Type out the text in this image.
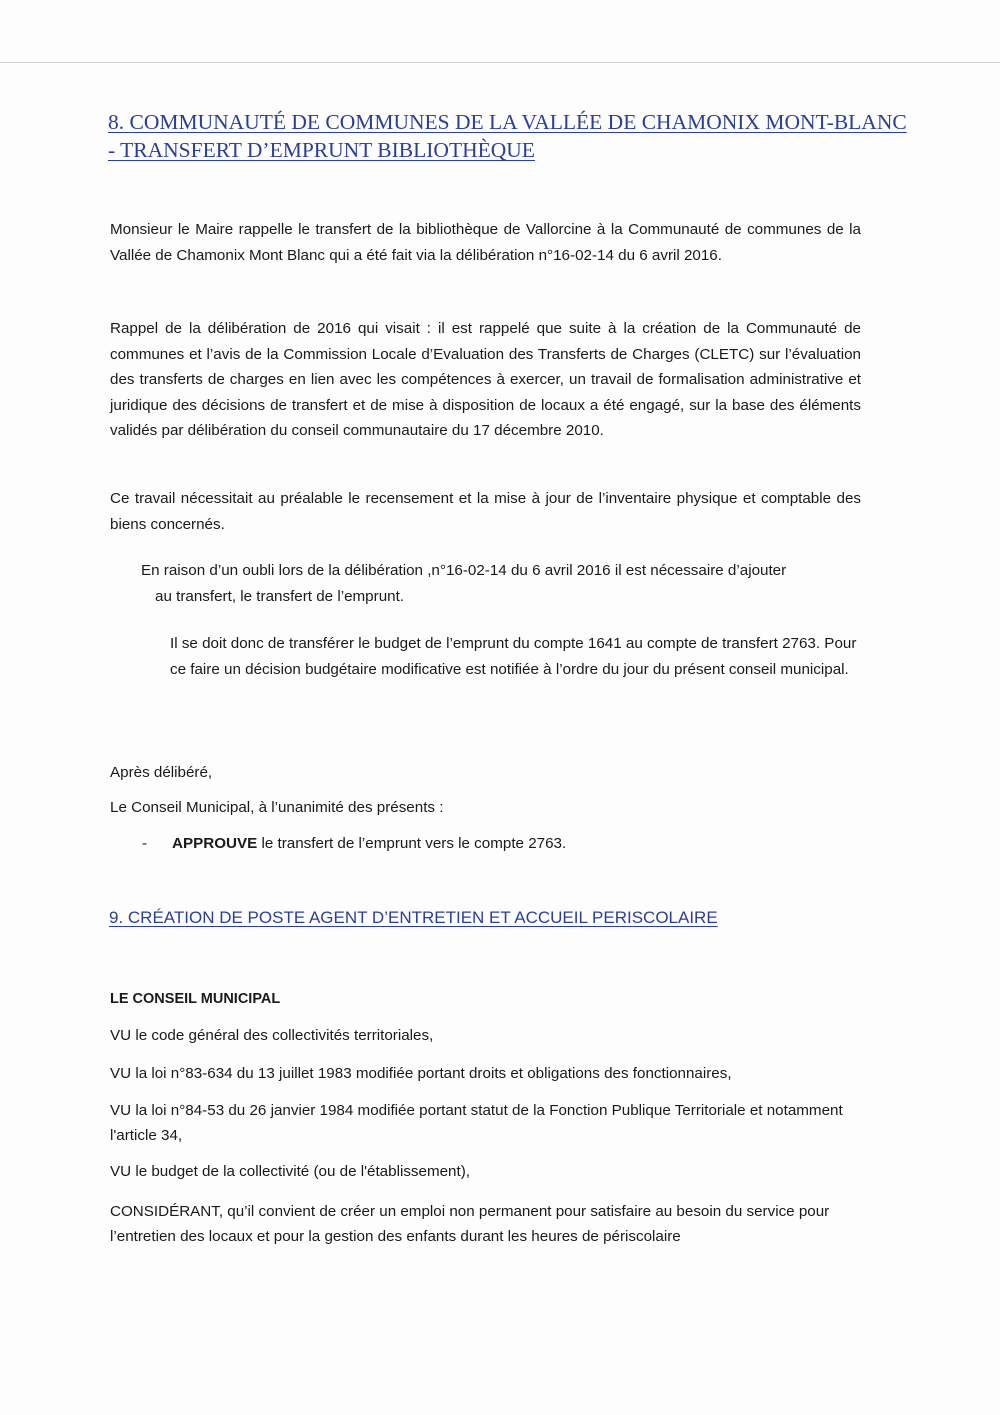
8. COMMUNAUTÉ DE COMMUNES DE LA VALLÉE DE CHAMONIX MONT-BLANC
- TRANSFERT D’EMPRUNT BIBLIOTHÈQUE

Monsieur le Maire rappelle le transfert de la bibliothèque de Vallorcine à la Communauté de communes de la Vallée de Chamonix Mont Blanc qui a été fait via la délibération n°16-02-14 du 6 avril 2016.

Rappel de la délibération de 2016 qui visait : il est rappelé que suite à la création de la Communauté de communes et l’avis de la Commission Locale d’Evaluation des Transferts de Charges (CLETC) sur l’évaluation des transferts de charges en lien avec les compétences à exercer, un travail de formalisation administrative et juridique des décisions de transfert et de mise à disposition de locaux a été engagé, sur la base des éléments validés par délibération du conseil communautaire du 17 décembre 2010.

Ce travail nécessitait au préalable le recensement et la mise à jour de l’inventaire physique et comptable des biens concernés.

En raison d’un oubli lors de la délibération ,n°16-02-14 du 6 avril 2016 il est nécessaire d’ajouter
au transfert, le transfert de l’emprunt.

Il se doit donc de transférer le budget de l’emprunt du compte 1641 au compte de transfert 2763. Pour ce faire un décision budgétaire modificative est notifiée à l’ordre du jour du présent conseil municipal.

Après délibéré,

Le Conseil Municipal, à l’unanimité des présents :

- APPROUVE le transfert de l’emprunt vers le compte 2763.
9. CRÉATION DE POSTE AGENT D’ENTRETIEN ET ACCUEIL PERISCOLAIRE

LE CONSEIL MUNICIPAL

VU le code général des collectivités territoriales,

VU la loi n°83-634 du 13 juillet 1983 modifiée portant droits et obligations des fonctionnaires,

VU la loi n°84-53 du 26 janvier 1984 modifiée portant statut de la Fonction Publique Territoriale et notamment l'article 34,

VU le budget de la collectivité (ou de l'établissement),

CONSIDÉRANT, qu’il convient de créer un emploi non permanent pour satisfaire au besoin du service pour l’entretien des locaux et pour la gestion des enfants durant les heures de périscolaire
